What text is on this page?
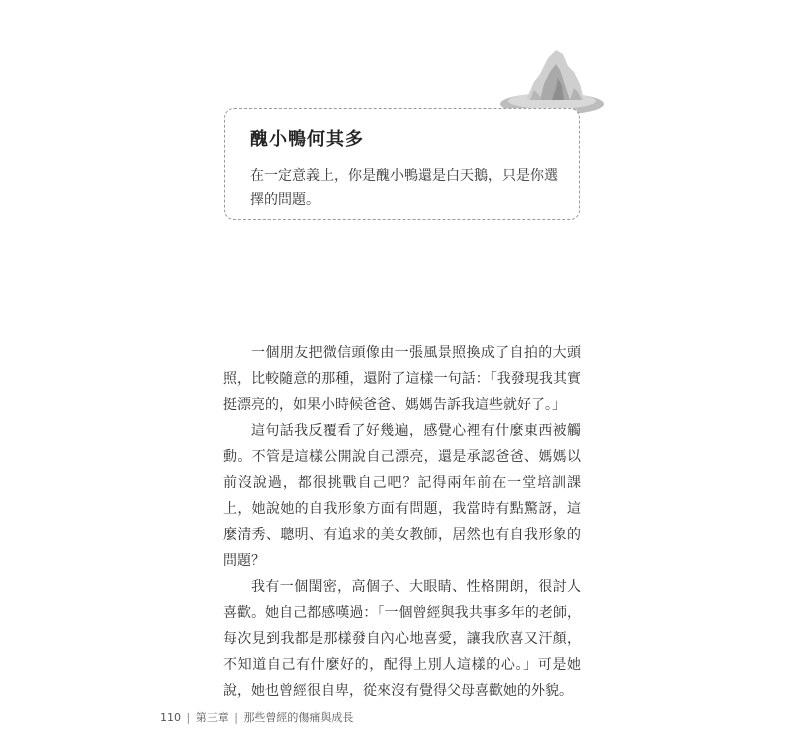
醜小鴨何其多
在一定意義上，你是醜小鴨還是白天鵝，只是你選擇的問題。

一個朋友把微信頭像由一張風景照換成了自拍的大頭照，比較隨意的那種，還附了這樣一句話：「我發現我其實挺漂亮的，如果小時候爸爸、媽媽告訴我這些就好了。」

這句話我反覆看了好幾遍，感覺心裡有什麼東西被觸動。不管是這樣公開說自己漂亮，還是承認爸爸、媽媽以前沒說過，都很挑戰自己吧？記得兩年前在一堂培訓課上，她說她的自我形象方面有問題，我當時有點驚訝，這麼清秀、聰明、有追求的美女教師，居然也有自我形象的問題？

我有一個閨密，高個子、大眼睛、性格開朗，很討人喜歡。她自己都感嘆過：「一個曾經與我共事多年的老師，每次見到我都是那樣發自內心地喜愛，讓我欣喜又汗顏，不知道自己有什麼好的，配得上別人這樣的心。」可是她說，她也曾經很自卑，從來沒有覺得父母喜歡她的外貌。

110 | 第三章 | 那些曾經的傷痛與成長
